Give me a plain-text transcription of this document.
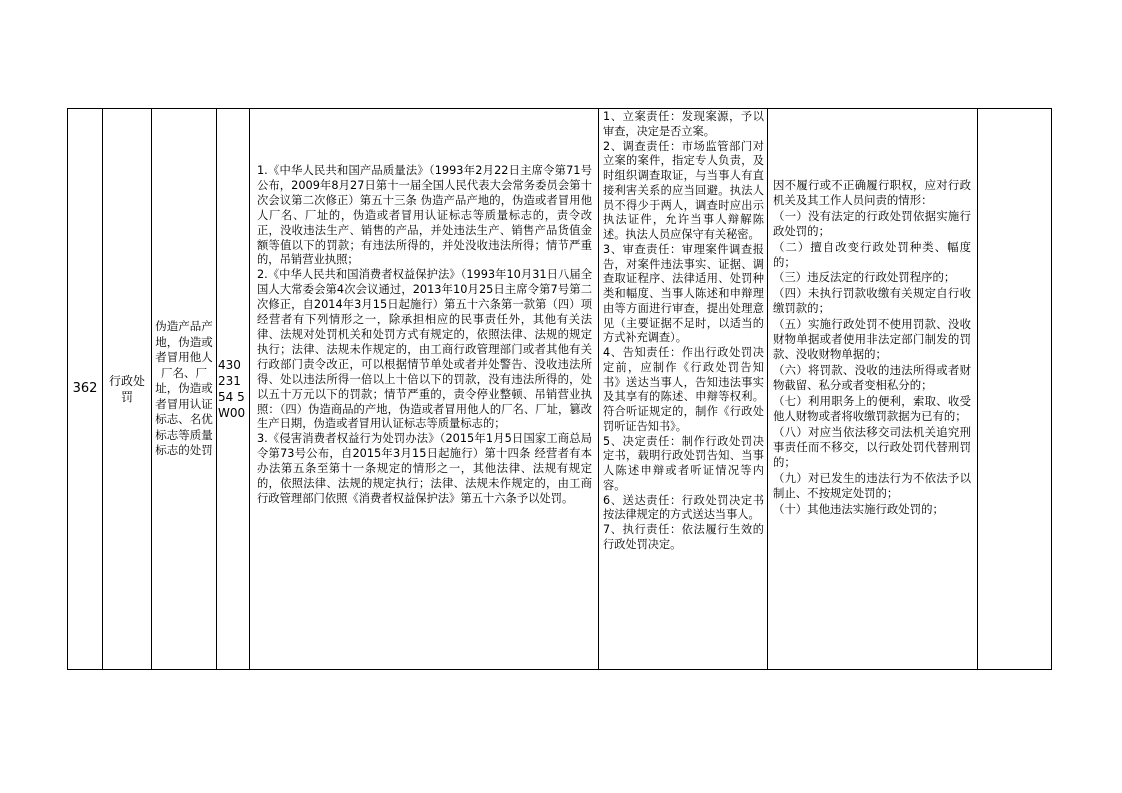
362 行政处罚
伪造产品产地，伪造或者冒用他人厂名、厂址，伪造或者冒用认证标志、名优标志等质量标志的处罚
43023154 5W00

1.《中华人民共和国产品质量法》（1993年2月22日主席令第71号公布，2009年8月27日第十一届全国人民代表大会常务委员会第十次会议第二次修正）第五十三条 伪造产品产地的，伪造或者冒用他人厂名、厂址的，伪造或者冒用认证标志等质量标志的，责令改正，没收违法生产、销售的产品，并处违法生产、销售产品货值金额等值以下的罚款；有违法所得的，并处没收违法所得；情节严重的，吊销营业执照；

2.《中华人民共和国消费者权益保护法》（1993年10月31日八届全国人大常委会第4次会议通过，2013年10月25日主席令第7号第二次修正，自2014年3月15日起施行）第五十六条第一款第（四）项 经营者有下列情形之一，除承担相应的民事责任外，其他有关法律、法规对处罚机关和处罚方式有规定的，依照法律、法规的规定执行；法律、法规未作规定的，由工商行政管理部门或者其他有关行政部门责令改正，可以根据情节单处或者并处警告、没收违法所得、处以违法所得一倍以上十倍以下的罚款，没有违法所得的，处以五十万元以下的罚款；情节严重的，责令停业整顿、吊销营业执照：（四）伪造商品的产地，伪造或者冒用他人的厂名、厂址，篡改生产日期，伪造或者冒用认证标志等质量标志的；

3.《侵害消费者权益行为处罚办法》（2015年1月5日国家工商总局令第73号公布，自2015年3月15日起施行）第十四条 经营者有本办法第五条至第十一条规定的情形之一，其他法律、法规有规定的，依照法律、法规的规定执行；法律、法规未作规定的，由工商行政管理部门依照《消费者权益保护法》第五十六条予以处罚。

1、立案责任：发现案源，予以审查，决定是否立案。

2、调查责任：市场监管部门对立案的案件，指定专人负责，及时组织调查取证，与当事人有直接利害关系的应当回避。执法人员不得少于两人，调查时应出示执法证件，允许当事人辩解陈述。执法人员应保守有关秘密。

3、审查责任：审理案件调查报告，对案件违法事实、证据、调查取证程序、法律适用、处罚种类和幅度、当事人陈述和申辩理由等方面进行审查，提出处理意见（主要证据不足时，以适当的方式补充调查）。

4、告知责任：作出行政处罚决定前，应制作《行政处罚告知书》送达当事人，告知违法事实及其享有的陈述、申辩等权利。符合听证规定的，制作《行政处罚听证告知书》。

5、决定责任：制作行政处罚决定书，载明行政处罚告知、当事人陈述申辩或者听证情况等内容。

6、送达责任：行政处罚决定书按法律规定的方式送达当事人。

7、执行责任：依法履行生效的行政处罚决定。

因不履行或不正确履行职权，应对行政机关及其工作人员问责的情形：

（一）没有法定的行政处罚依据实施行政处罚的；

（二）擅自改变行政处罚种类、幅度的；

（三）违反法定的行政处罚程序的；

（四）未执行罚款收缴有关规定自行收缴罚款的；

（五）实施行政处罚不使用罚款、没收财物单据或者使用非法定部门制发的罚款、没收财物单据的；

（六）将罚款、没收的违法所得或者财物截留、私分或者变相私分的；

（七）利用职务上的便利，索取、收受他人财物或者将收缴罚款据为已有的；

（八）对应当依法移交司法机关追究刑事责任而不移交，以行政处罚代替刑罚的；

（九）对已发生的违法行为不依法予以制止、不按规定处罚的；

（十）其他违法实施行政处罚的；
